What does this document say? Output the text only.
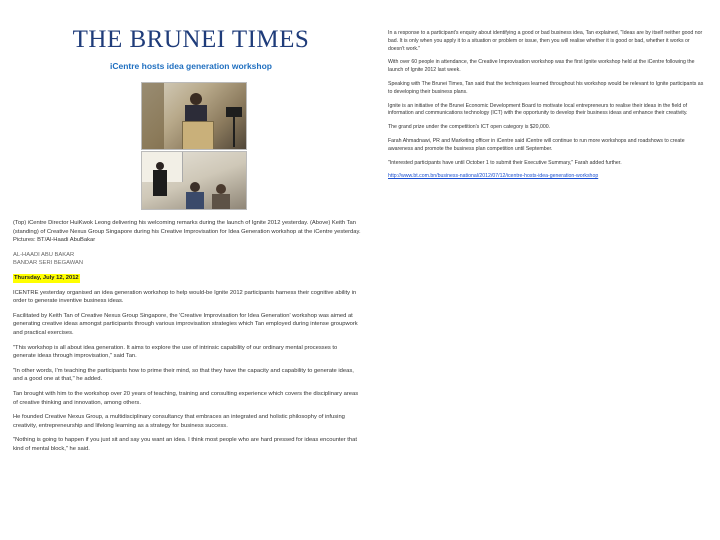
THE BRUNEI TIMES
iCentre hosts idea generation workshop

(Top) iCentre Director HuiKwok Leong delivering his welcoming remarks during the launch of Ignite 2012 yesterday. (Above) Keith Tan (standing) of Creative Nexus Group Singapore during his Creative Improvisation for Idea Generation workshop at the iCentre yesterday. Pictures: BT/Al-Haadi AbuBakar

AL-HAADI ABU BAKAR

BANDAR SERI BEGAWAN

Thursday, July 12, 2012

ICENTRE yesterday organised an idea generation workshop to help would-be Ignite 2012 participants harness their cognitive ability in order to generate inventive business ideas.

Facilitated by Keith Tan of Creative Nexus Group Singapore, the 'Creative Improvisation for Idea Generation' workshop was aimed at generating creative ideas amongst participants through various improvisation strategies which Tan employed during intense groupwork and practical exercises.

"This workshop is all about idea generation. It aims to explore the use of intrinsic capability of our ordinary mental processes to generate ideas through improvisation," said Tan.

"In other words, I'm teaching the participants how to prime their mind, so that they have the capacity and capability to generate ideas, and a good one at that," he added.

Tan brought with him to the workshop over 20 years of teaching, training and consulting experience which covers the disciplinary areas of creative thinking and innovation, among others.

He founded Creative Nexus Group, a multidisciplinary consultancy that embraces an integrated and holistic philosophy of infusing creativity, entrepreneurship and lifelong learning as a strategy for business success.

"Nothing is going to happen if you just sit and say you want an idea. I think most people who are hard pressed for ideas encounter that kind of mental block," he said.

In a response to a participant's enquiry about identifying a good or bad business idea, Tan explained, "Ideas are by itself neither good nor bad. It is only when you apply it to a situation or problem or issue, then you will realise whether it is good or bad, whether it works or doesn't work."

With over 60 people in attendance, the Creative Improvisation workshop was the first Ignite workshop held at the iCentre following the launch of Ignite 2012 last week.

Speaking with The Brunei Times, Tan said that the techniques learned throughout his workshop would be relevant to Ignite participants as to developing their business plans.

Ignite is an initiative of the Brunei Economic Development Board to motivate local entrepreneurs to realise their ideas in the field of information and communications technology (ICT) with the opportunity to develop their business ideas and enhance their creativity.

The grand prize under the competition's ICT open category is $20,000.

Farah Ahmadnawi, PR and Marketing officer in iCentre said iCentre will continue to run more workshops and roadshows to create awareness and promote the business plan competition until September.

"Interested participants have until October 1 to submit their Executive Summary," Farah added further.

http://www.bt.com.bn/business-national/2012/07/12/icentre-hosts-idea-generation-workshop
